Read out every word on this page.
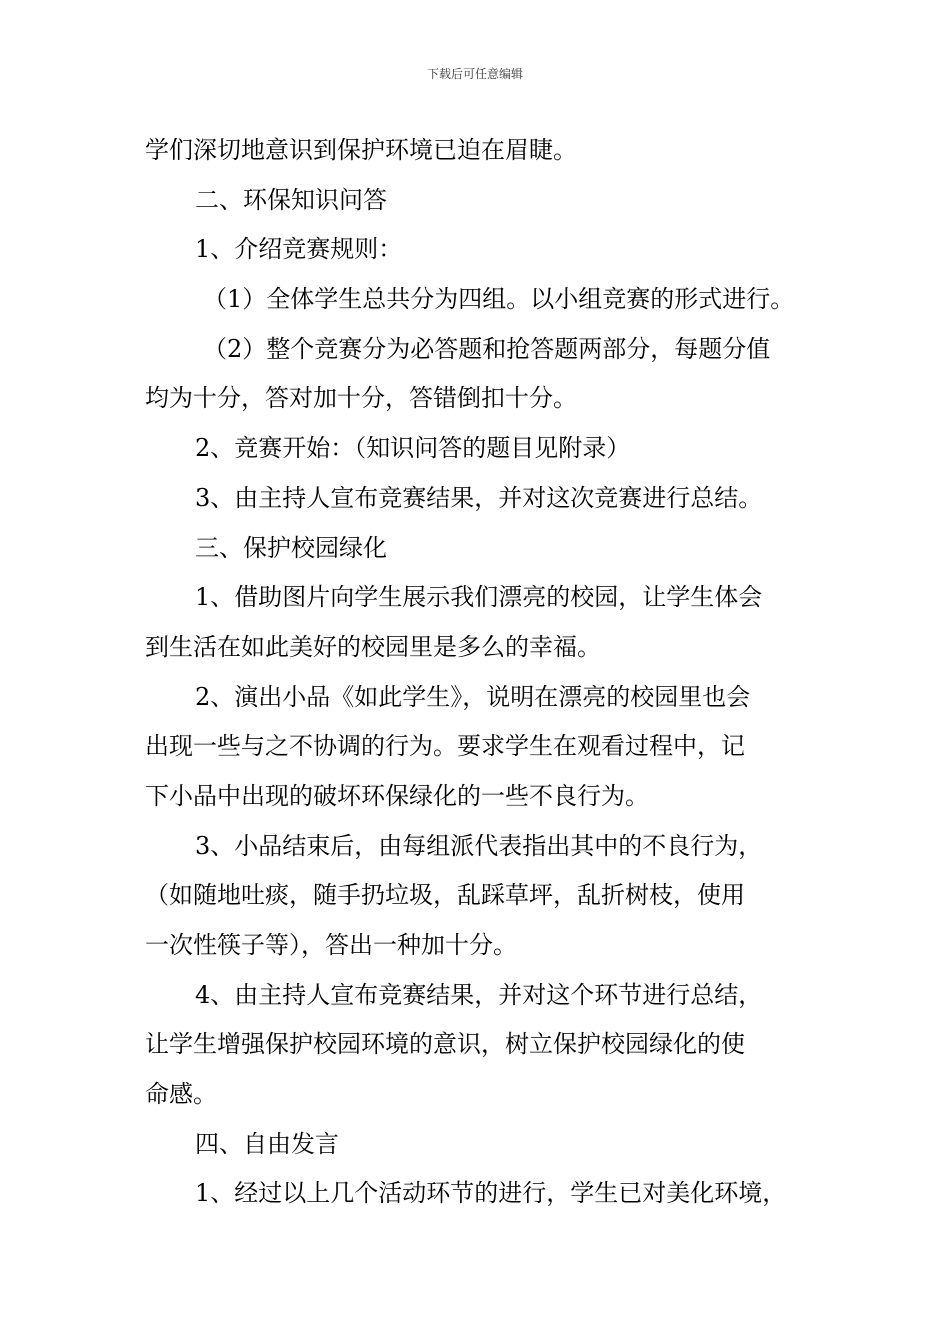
下载后可任意编辑
学们深切地意识到保护环境已迫在眉睫。
二、环保知识问答
1、介绍竞赛规则：
（1）全体学生总共分为四组。以小组竞赛的形式进行。
（2）整个竞赛分为必答题和抢答题两部分，每题分值
均为十分，答对加十分，答错倒扣十分。
2、竞赛开始：（知识问答的题目见附录）
3、由主持人宣布竞赛结果，并对这次竞赛进行总结。
三、保护校园绿化
1、借助图片向学生展示我们漂亮的校园，让学生体会
到生活在如此美好的校园里是多么的幸福。
2、演出小品《如此学生》，说明在漂亮的校园里也会
出现一些与之不协调的行为。要求学生在观看过程中，记
下小品中出现的破坏环保绿化的一些不良行为。
3、小品结束后，由每组派代表指出其中的不良行为，
（如随地吐痰，随手扔垃圾，乱踩草坪，乱折树枝，使用
一次性筷子等），答出一种加十分。
4、由主持人宣布竞赛结果，并对这个环节进行总结，
让学生增强保护校园环境的意识，树立保护校园绿化的使
命感。
四、自由发言
1、经过以上几个活动环节的进行，学生已对美化环境，
